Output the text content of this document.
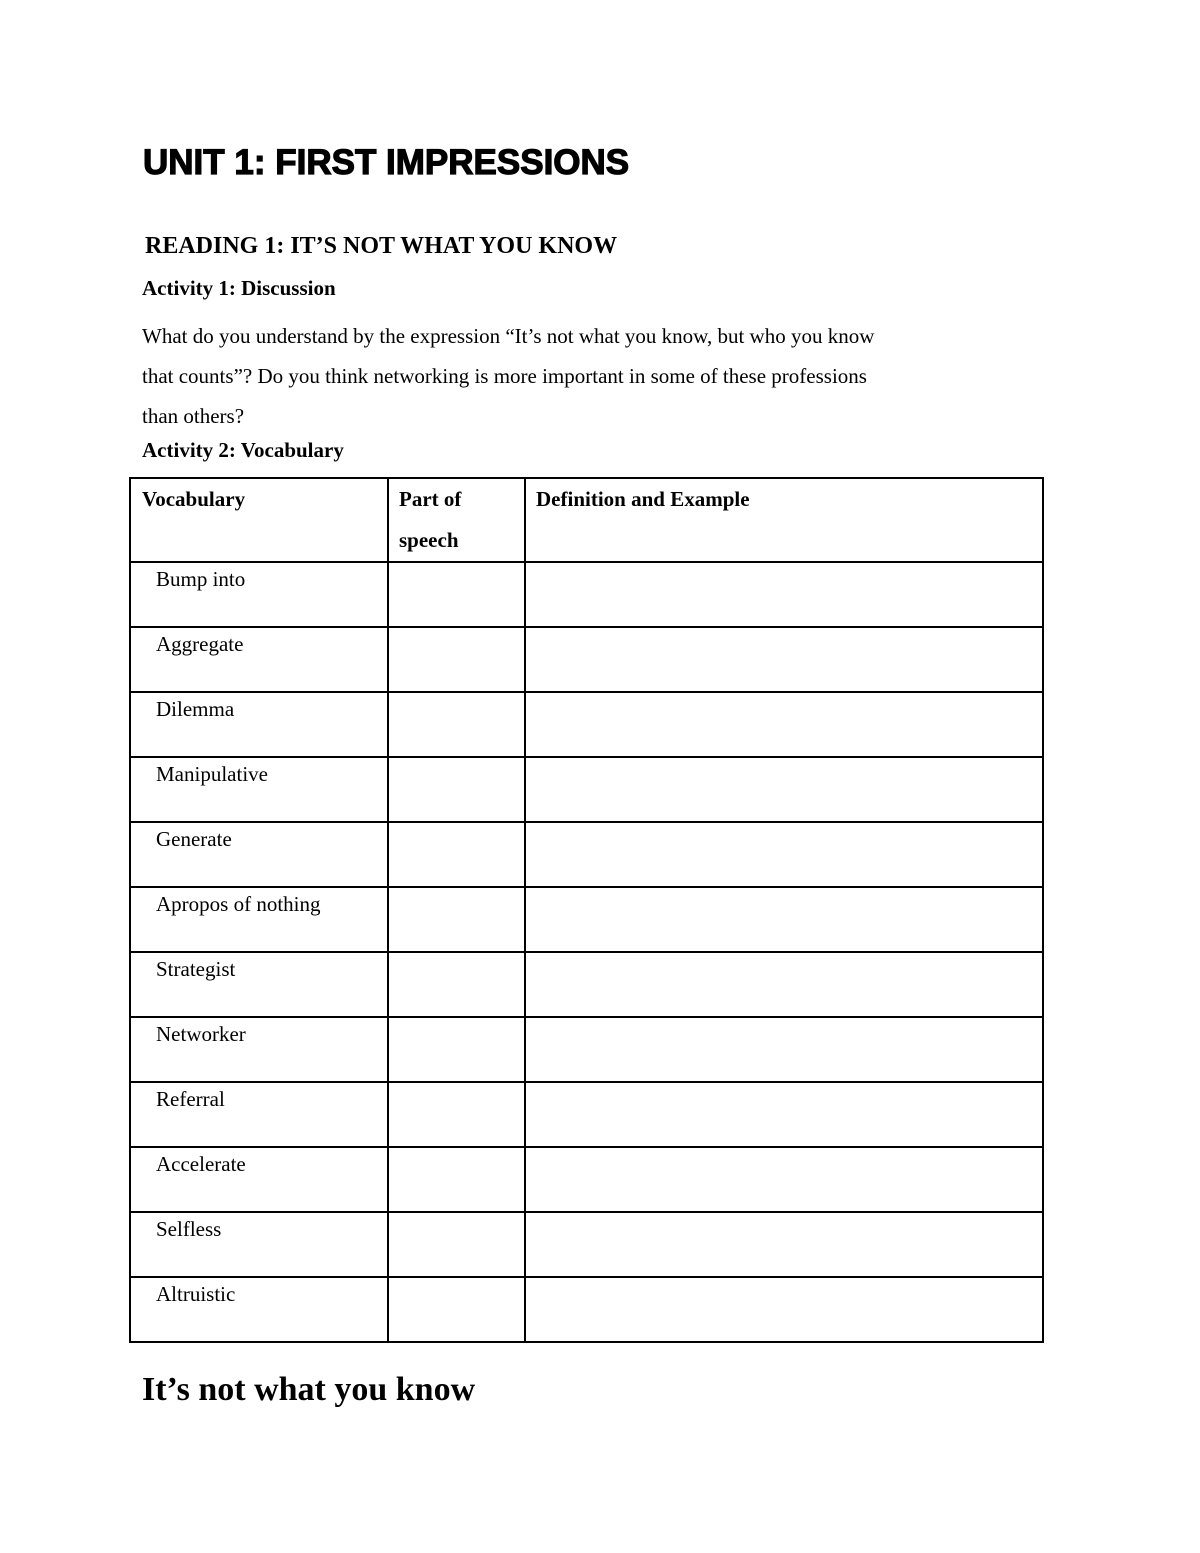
UNIT 1: FIRST IMPRESSIONS
READING 1: IT’S NOT WHAT YOU KNOW
Activity 1: Discussion

What do you understand by the expression “It’s not what you know, but who you know
that counts”? Do you think networking is more important in some of these professions
than others?

Activity 2: Vocabulary
Vocabulary	Part of speech	Definition and Example
Bump into		
Aggregate		
Dilemma		
Manipulative		
Generate		
Apropos of nothing		
Strategist		
Networker		
Referral		
Accelerate		
Selfless		
Altruistic		
It’s not what you know
